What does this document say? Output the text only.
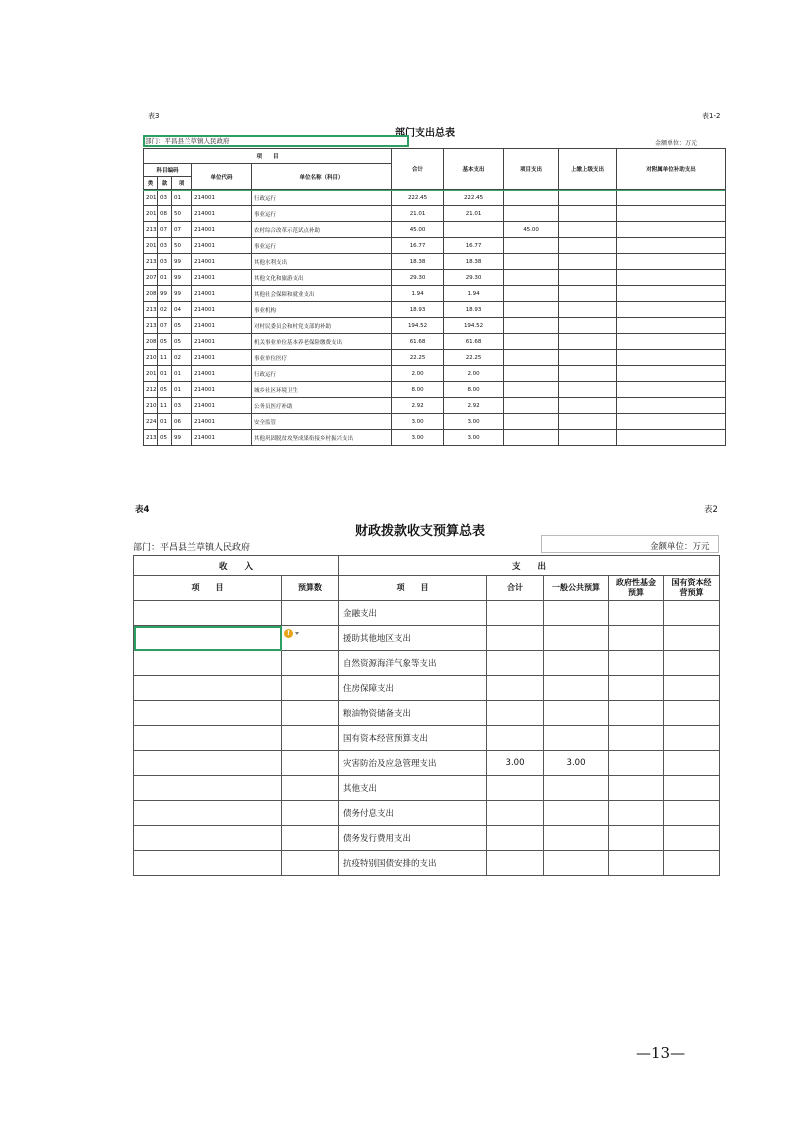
表3	表1-2
部门支出总表
部门：平昌县兰草镇人民政府	金额单位：万元
项　　目					合计	基本支出	项目支出	上缴上级支出	对附属单位补助支出
科目编码			单位代码	单位名称（科目）					
类	款	项							
201	03	01	214001	行政运行	222.45	222.45			
201	08	50	214001	事业运行	21.01	21.01			
213	07	07	214001	农村综合改革示范试点补助	45.00		45.00		
201	03	50	214001	事业运行	16.77	16.77			
213	03	99	214001	其他水利支出	18.38	18.38			
207	01	99	214001	其他文化和旅游支出	29.30	29.30			
208	99	99	214001	其他社会保障和就业支出	1.94	1.94			
213	02	04	214001	事业机构	18.93	18.93			
213	07	05	214001	对村民委员会和村党支部的补助	194.52	194.52			
208	05	05	214001	机关事业单位基本养老保险缴费支出	61.68	61.68			
210	11	02	214001	事业单位医疗	22.25	22.25			
201	01	01	214001	行政运行	2.00	2.00			
212	05	01	214001	城乡社区环境卫生	8.00	8.00			
210	11	03	214001	公务员医疗补助	2.92	2.92			
224	01	06	214001	安全监管	3.00	3.00			
213	05	99	214001	其他巩固脱贫攻坚成果衔接乡村振兴支出	3.00	3.00			
表4	表2
财政拨款收支预算总表
部门：平昌县兰草镇人民政府	金额单位：万元
收　　入		支　　出				
项　　目	预算数	项　　目	合计	一般公共预算	政府性基金预算	国有资本经营预算
		金融支出				
		援助其他地区支出				
		自然资源海洋气象等支出				
		住房保障支出				
		粮油物资储备支出				
		国有资本经营预算支出				
		灾害防治及应急管理支出	3.00	3.00		
		其他支出				
		债务付息支出				
		债务发行费用支出				
		抗疫特别国债安排的支出				
!
—13—
